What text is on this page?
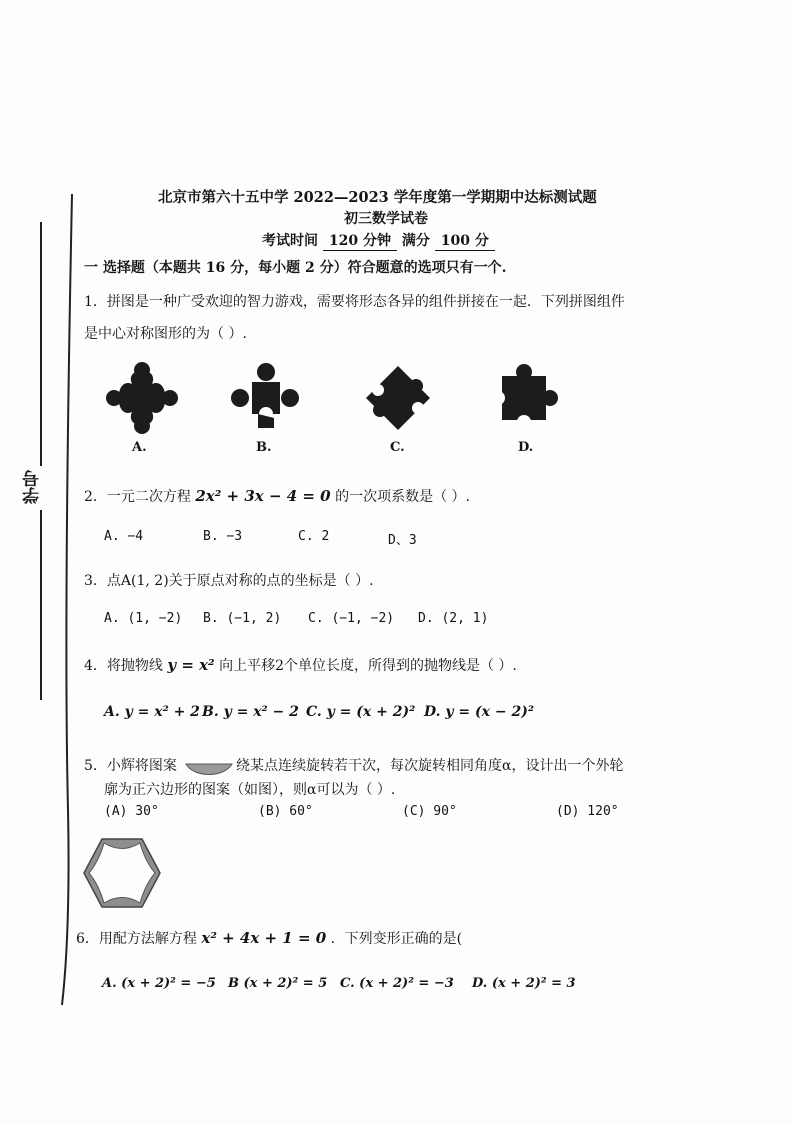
学号
北京市第六十五中学 2022—2023 学年度第一学期期中达标测试题
初三数学试卷
考试时间 120 分钟 满分 100 分
一 选择题（本题共 16 分，每小题 2 分）符合题意的选项只有一个.
1．拼图是一种广受欢迎的智力游戏，需要将形态各异的组件拼接在一起．下列拼图组件
是中心对称图形的为（ ）.
A.	B.	C.	D.
2．一元二次方程 2x² + 3x − 4 = 0 的一次项系数是（ ）.
A. −4	B. −3	C. 2	D、3
3．点A(1, 2)关于原点对称的点的坐标是（ ）.
A. (1, −2) B. (−1, 2) C. (−1, −2) D. (2, 1)
4．将抛物线 y = x² 向上平移2个单位长度，所得到的抛物线是（ ）.
A. y = x² + 2 B. y = x² − 2 C. y = (x + 2)² D. y = (x − 2)²
5．小辉将图案	绕某点连续旋转若干次，每次旋转相同角度α，设计出一个外轮
廓为正六边形的图案（如图），则α可以为（ ）.
(A) 30°	(B) 60°	(C) 90°	(D) 120°
6．用配方法解方程 x² + 4x + 1 = 0 ．下列变形正确的是(
A. (x + 2)² = −5 B (x + 2)² = 5 C. (x + 2)² = −3 D. (x + 2)² = 3
